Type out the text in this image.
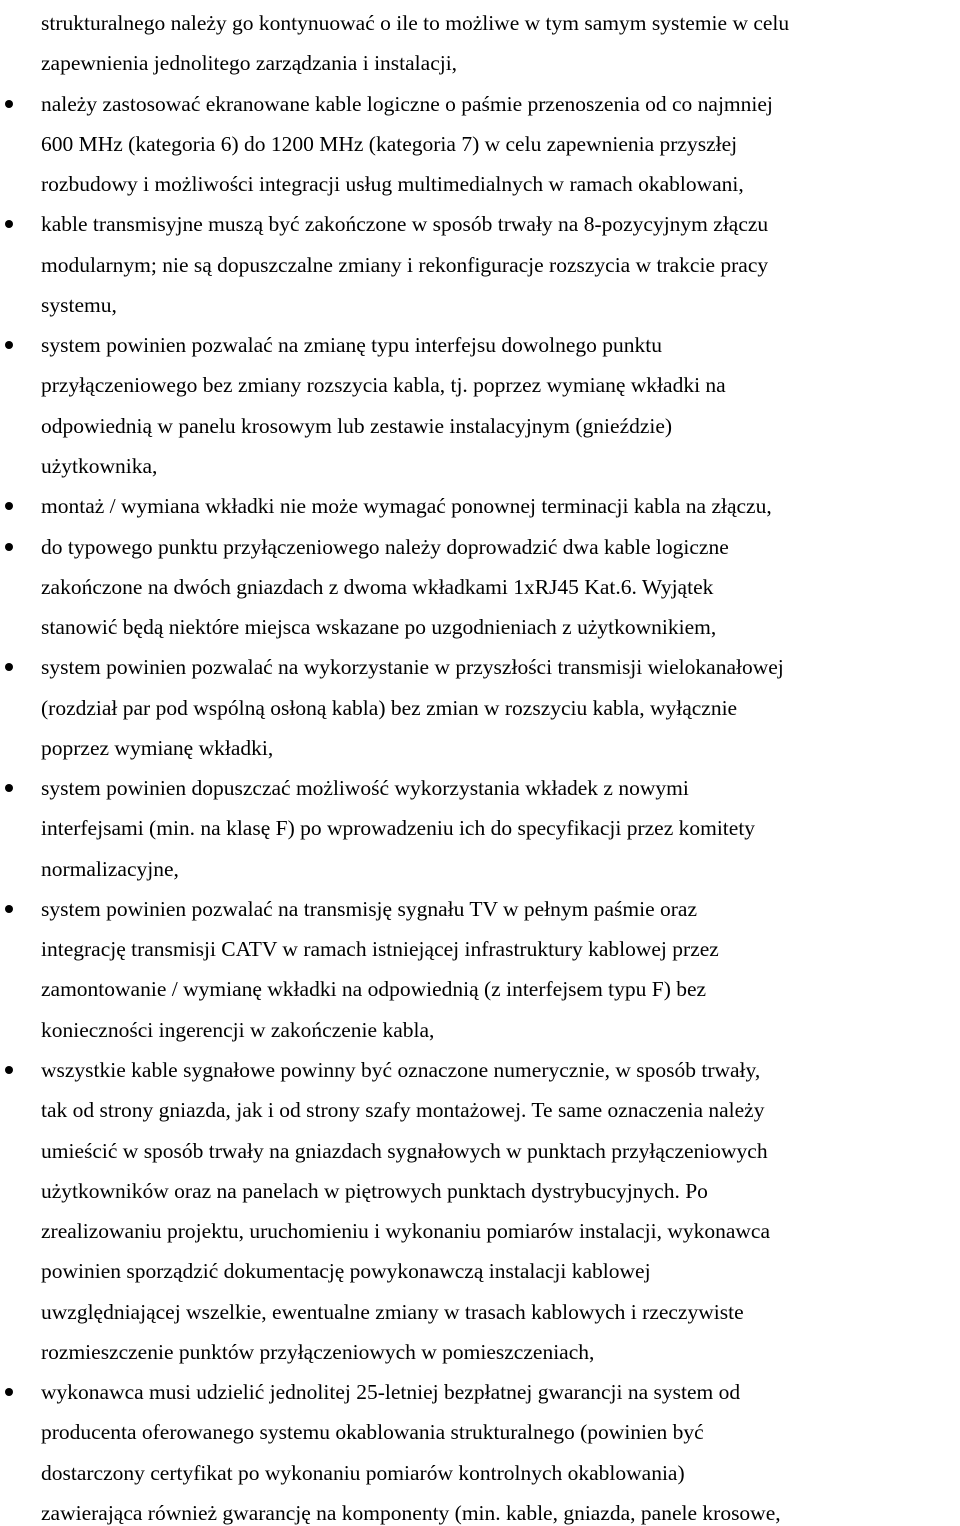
strukturalnego należy go kontynuować o ile to możliwe w tym samym systemie w celu
zapewnienia jednolitego zarządzania i instalacji,
należy zastosować ekranowane kable logiczne o paśmie przenoszenia od co najmniej
600 MHz (kategoria 6) do 1200 MHz (kategoria 7) w celu zapewnienia przyszłej
rozbudowy i możliwości integracji usług multimedialnych w ramach okablowani,
kable transmisyjne muszą być zakończone w sposób trwały na 8-pozycyjnym złączu
modularnym; nie są dopuszczalne zmiany i rekonfiguracje rozszycia w trakcie pracy
systemu,
system powinien pozwalać na zmianę typu interfejsu dowolnego punktu
przyłączeniowego bez zmiany rozszycia kabla, tj. poprzez wymianę wkładki na
odpowiednią w panelu krosowym lub zestawie instalacyjnym (gnieździe)
użytkownika,
montaż / wymiana wkładki nie może wymagać ponownej terminacji kabla na złączu,
do typowego punktu przyłączeniowego należy doprowadzić dwa kable logiczne
zakończone na dwóch gniazdach z dwoma wkładkami 1xRJ45 Kat.6. Wyjątek
stanowić będą niektóre miejsca wskazane po uzgodnieniach z użytkownikiem,
system powinien pozwalać na wykorzystanie w przyszłości transmisji wielokanałowej
(rozdział par pod wspólną osłoną kabla) bez zmian w rozszyciu kabla, wyłącznie
poprzez wymianę wkładki,
system powinien dopuszczać możliwość wykorzystania wkładek z nowymi
interfejsami (min. na klasę F) po wprowadzeniu ich do specyfikacji przez komitety
normalizacyjne,
system powinien pozwalać na transmisję sygnału TV w pełnym paśmie oraz
integrację transmisji CATV w ramach istniejącej infrastruktury kablowej przez
zamontowanie / wymianę wkładki na odpowiednią (z interfejsem typu F) bez
konieczności ingerencji w zakończenie kabla,
wszystkie kable sygnałowe powinny być oznaczone numerycznie, w sposób trwały,
tak od strony gniazda, jak i od strony szafy montażowej. Te same oznaczenia należy
umieścić w sposób trwały na gniazdach sygnałowych w punktach przyłączeniowych
użytkowników oraz na panelach w piętrowych punktach dystrybucyjnych. Po
zrealizowaniu projektu, uruchomieniu i wykonaniu pomiarów instalacji, wykonawca
powinien sporządzić dokumentację powykonawczą instalacji kablowej
uwzględniającej wszelkie, ewentualne zmiany w trasach kablowych i rzeczywiste
rozmieszczenie punktów przyłączeniowych w pomieszczeniach,
wykonawca musi udzielić jednolitej 25-letniej bezpłatnej gwarancji na system od
producenta oferowanego systemu okablowania strukturalnego (powinien być
dostarczony certyfikat po wykonaniu pomiarów kontrolnych okablowania)
zawierająca również gwarancję na komponenty (min. kable, gniazda, panele krosowe,
